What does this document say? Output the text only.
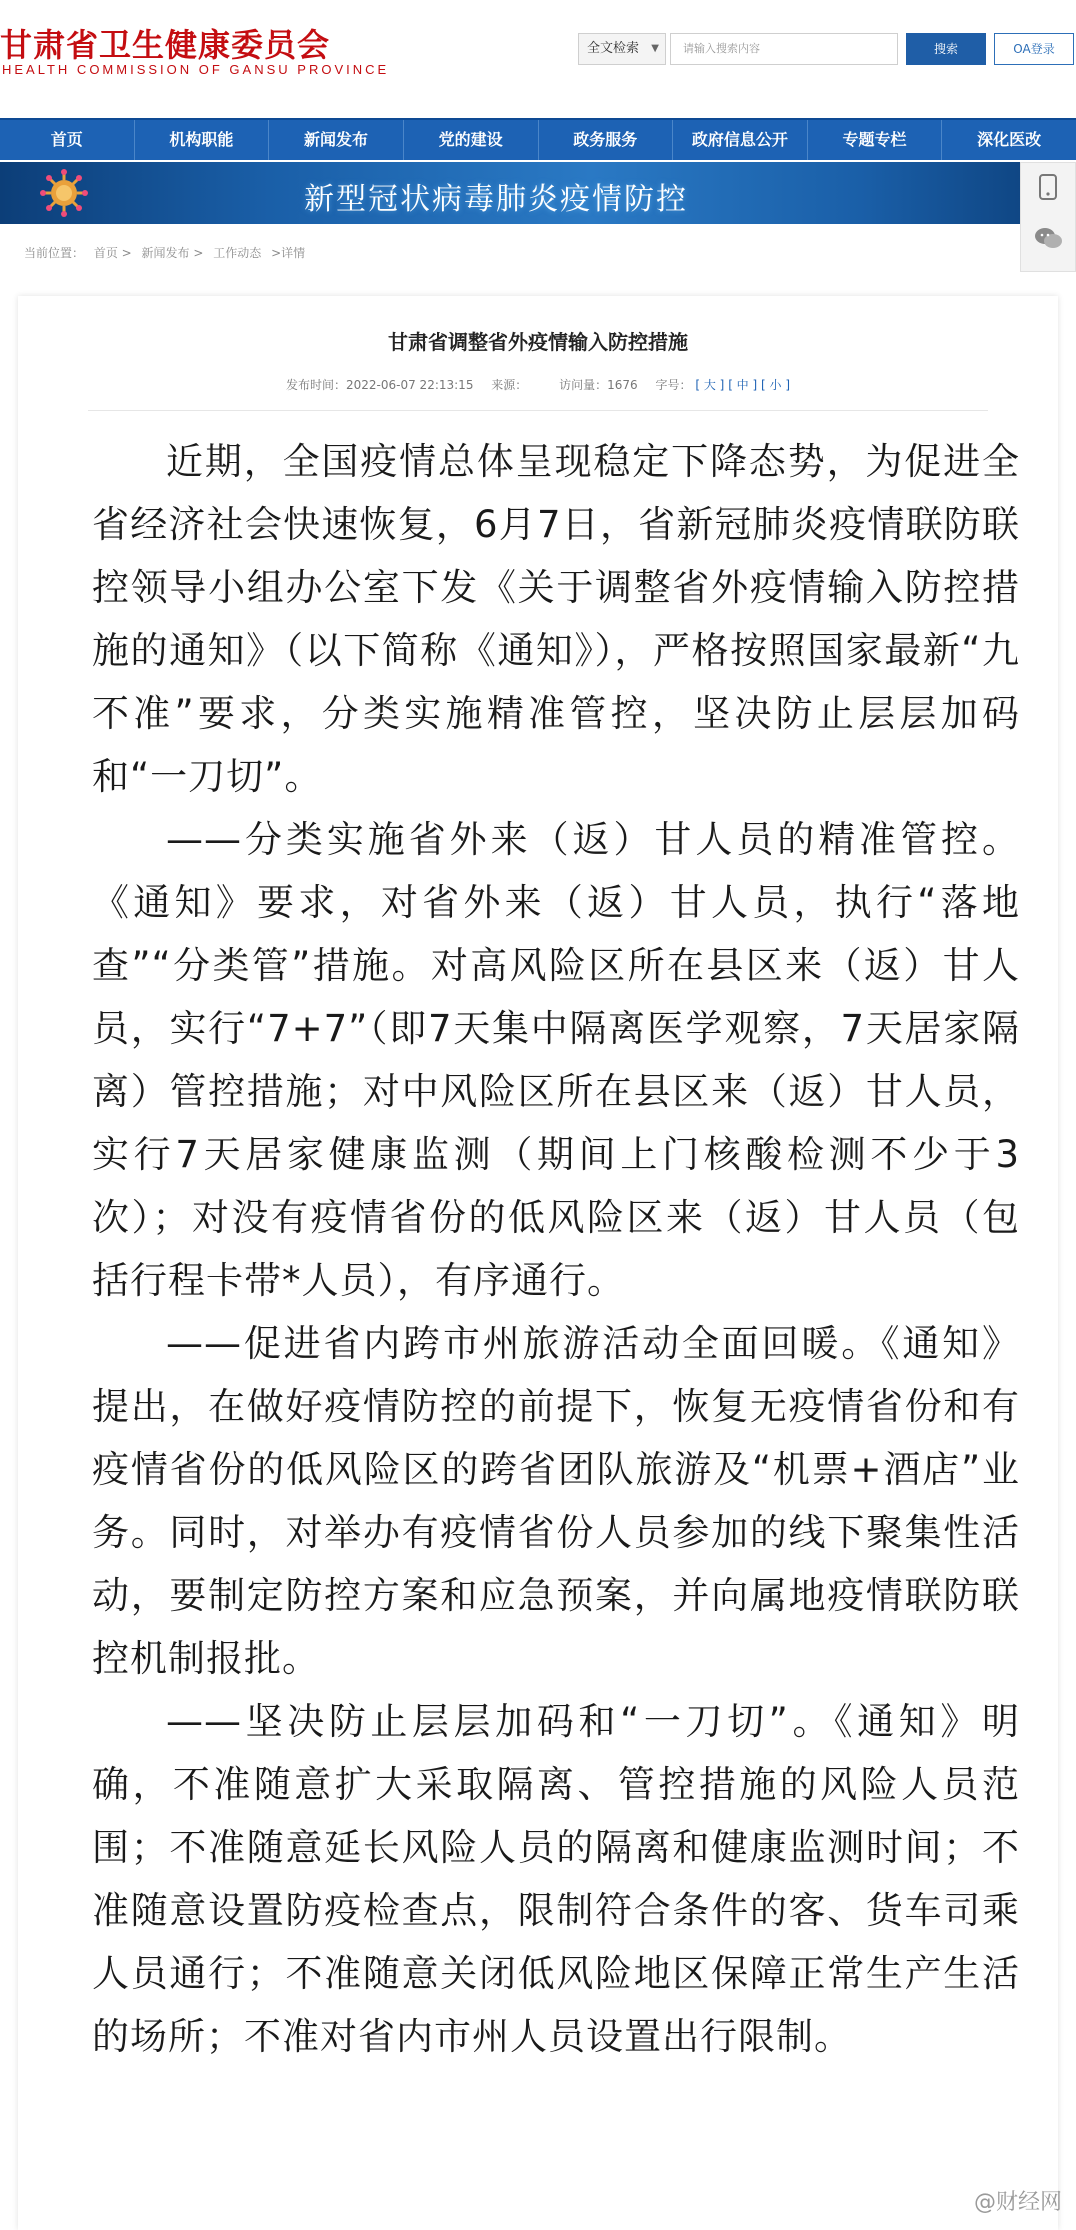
甘肃省卫生健康委员会
HEALTH COMMISSION OF GANSU PROVINCE
全文检索 ▼	请输入搜索内容	搜索	OA登录
首页	机构职能	新闻发布	党的建设	政务服务	政府信息公开	专题专栏	深化医改
新型冠状病毒肺炎疫情防控
当前位置： 首页 > 新闻发布 > 工作动态 >详情
甘肃省调整省外疫情输入防控措施
发布时间：2022-06-07 22:13:15 来源：	访问量：1676 字号： [ 大 ] [ 中 ] [ 小 ]

近期，全国疫情总体呈现稳定下降态势，为促进全省经济社会快速恢复，6月7日，省新冠肺炎疫情联防联控领导小组办公室下发《关于调整省外疫情输入防控措施的通知》（以下简称《通知》），严格按照国家最新“九不准”要求，分类实施精准管控，坚决防止层层加码和“一刀切”。

——分类实施省外来（返）甘人员的精准管控。《通知》要求，对省外来（返）甘人员，执行“落地查”“分类管”措施。对高风险区所在县区来（返）甘人员，实行“7+7”（即7天集中隔离医学观察，7天居家隔离）管控措施；对中风险区所在县区来（返）甘人员，实行7天居家健康监测（期间上门核酸检测不少于3次）；对没有疫情省份的低风险区来（返）甘人员（包括行程卡带*人员），有序通行。

——促进省内跨市州旅游活动全面回暖。《通知》提出，在做好疫情防控的前提下，恢复无疫情省份和有疫情省份的低风险区的跨省团队旅游及“机票+酒店”业务。同时，对举办有疫情省份人员参加的线下聚集性活动，要制定防控方案和应急预案，并向属地疫情联防联控机制报批。

——坚决防止层层加码和“一刀切”。《通知》明确，不准随意扩大采取隔离、管控措施的风险人员范围；不准随意延长风险人员的隔离和健康监测时间；不准随意设置防疫检查点，限制符合条件的客、货车司乘人员通行；不准随意关闭低风险地区保障正常生产生活的场所；不准对省内市州人员设置出行限制。

@财经网
